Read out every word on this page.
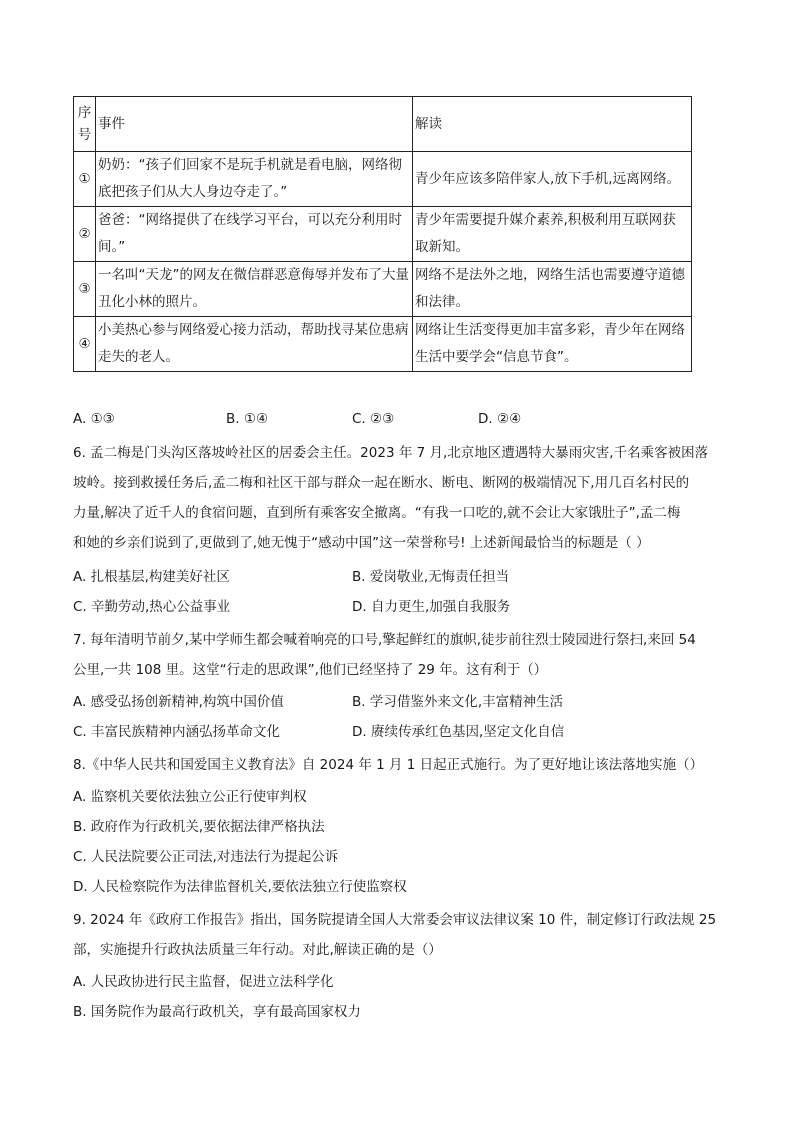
序号	事件	解读
①	奶奶：“孩子们回家不是玩手机就是看电脑，网络彻底把孩子们从大人身边夺走了。”	青少年应该多陪伴家人,放下手机,远离网络。
②	爸爸：“网络提供了在线学习平台，可以充分利用时间。”	青少年需要提升媒介素养,积极利用互联网获取新知。
③	一名叫“天龙”的网友在微信群恶意侮辱并发布了大量丑化小林的照片。	网络不是法外之地，网络生活也需要遵守道德和法律。
④	小美热心参与网络爱心接力活动，帮助找寻某位患病走失的老人。	网络让生活变得更加丰富多彩，青少年在网络生活中要学会“信息节食”。
A. ①③	B. ①④	C. ②③	D. ②④
6. 孟二梅是门头沟区落坡岭社区的居委会主任。2023 年 7 月,北京地区遭遇特大暴雨灾害,千名乘客被困落
坡岭。接到救援任务后,孟二梅和社区干部与群众一起在断水、断电、断网的极端情况下,用几百名村民的
力量,解决了近千人的食宿问题，直到所有乘客安全撤离。“有我一口吃的,就不会让大家饿肚子”,孟二梅
和她的乡亲们说到了,更做到了,她无愧于“感动中国”这一荣誉称号! 上述新闻最恰当的标题是（ ）
A. 扎根基层,构建美好社区	B. 爱岗敬业,无悔责任担当
C. 辛勤劳动,热心公益事业	D. 自力更生,加强自我服务
7. 每年清明节前夕,某中学师生都会喊着响亮的口号,擎起鲜红的旗帜,徒步前往烈士陵园进行祭扫,来回 54
公里,一共 108 里。这堂“行走的思政课”,他们已经坚持了 29 年。这有利于（）
A. 感受弘扬创新精神,构筑中国价值	B. 学习借鉴外来文化,丰富精神生活
C. 丰富民族精神内涵弘扬革命文化	D. 赓续传承红色基因,坚定文化自信
8.《中华人民共和国爱国主义教育法》自 2024 年 1 月 1 日起正式施行。为了更好地让该法落地实施（）
A. 监察机关要依法独立公正行使审判权
B. 政府作为行政机关,要依据法律严格执法
C. 人民法院要公正司法,对违法行为提起公诉
D. 人民检察院作为法律监督机关,要依法独立行使监察权
9. 2024 年《政府工作报告》指出，国务院提请全国人大常委会审议法律议案 10 件，制定修订行政法规 25
部，实施提升行政执法质量三年行动。对此,解读正确的是（）
A. 人民政协进行民主监督，促进立法科学化
B. 国务院作为最高行政机关，享有最高国家权力
